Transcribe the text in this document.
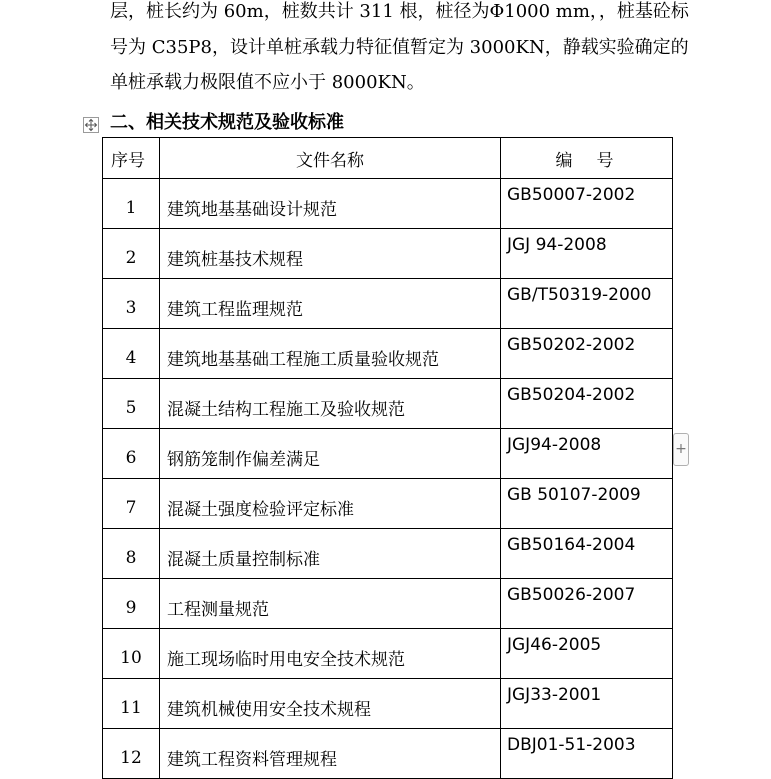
层，桩长约为 60m，桩数共计 311 根，桩径为Φ1000 mm，，桩基砼标
号为 C35P8，设计单桩承载力特征值暂定为 3000KN，静载实验确定的
单桩承载力极限值不应小于 8000KN。
二、相关技术规范及验收标准
序号	文件名称	编号
1	建筑地基基础设计规范	GB50007-2002
2	建筑桩基技术规程	JGJ 94-2008
3	建筑工程监理规范	GB/T50319-2000
4	建筑地基基础工程施工质量验收规范	GB50202-2002
5	混凝土结构工程施工及验收规范	GB50204-2002
6	钢筋笼制作偏差满足	JGJ94-2008
7	混凝土强度检验评定标准	GB 50107-2009
8	混凝土质量控制标准	GB50164-2004
9	工程测量规范	GB50026-2007
10	施工现场临时用电安全技术规范	JGJ46-2005
11	建筑机械使用安全技术规程	JGJ33-2001
12	建筑工程资料管理规程	DBJ01-51-2003
+
